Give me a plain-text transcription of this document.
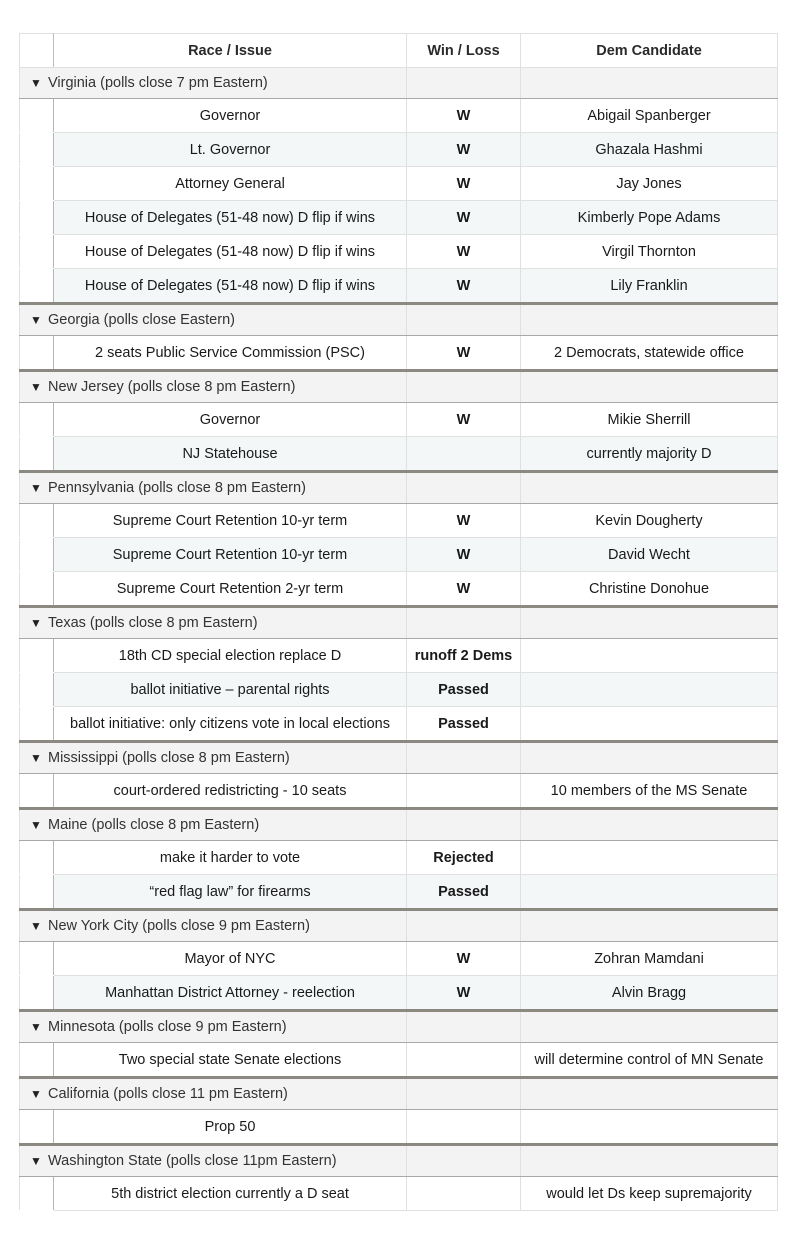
	Race / Issue	Win / Loss	Dem Candidate
▼ Virginia (polls close 7 pm Eastern)			
	Governor	W	Abigail Spanberger
	Lt. Governor	W	Ghazala Hashmi
	Attorney General	W	Jay Jones
	House of Delegates (51-48 now) D flip if wins	W	Kimberly Pope Adams
	House of Delegates (51-48 now) D flip if wins	W	Virgil Thornton
	House of Delegates (51-48 now) D flip if wins	W	Lily Franklin
▼ Georgia (polls close Eastern)			
	2 seats Public Service Commission (PSC)	W	2 Democrats, statewide office
▼ New Jersey (polls close 8 pm Eastern)			
	Governor	W	Mikie Sherrill
	NJ Statehouse		currently majority D
▼ Pennsylvania (polls close 8 pm Eastern)			
	Supreme Court Retention 10-yr term	W	Kevin Dougherty
	Supreme Court Retention 10-yr term	W	David Wecht
	Supreme Court Retention 2-yr term	W	Christine Donohue
▼ Texas (polls close 8 pm Eastern)			
	18th CD special election replace D	runoff 2 Dems	
	ballot initiative – parental rights	Passed	
	ballot initiative: only citizens vote in local elections	Passed	
▼ Mississippi (polls close 8 pm Eastern)			
	court-ordered redistricting - 10 seats		10 members of the MS Senate
▼ Maine (polls close 8 pm Eastern)			
	make it harder to vote	Rejected	
	“red flag law” for firearms	Passed	
▼ New York City (polls close 9 pm Eastern)			
	Mayor of NYC	W	Zohran Mamdani
	Manhattan District Attorney - reelection	W	Alvin Bragg
▼ Minnesota (polls close 9 pm Eastern)			
	Two special state Senate elections		will determine control of MN Senate
▼ California (polls close 11 pm Eastern)			
	Prop 50		
▼ Washington State (polls close 11pm Eastern)			
	5th district election currently a D seat		would let Ds keep supremajority
